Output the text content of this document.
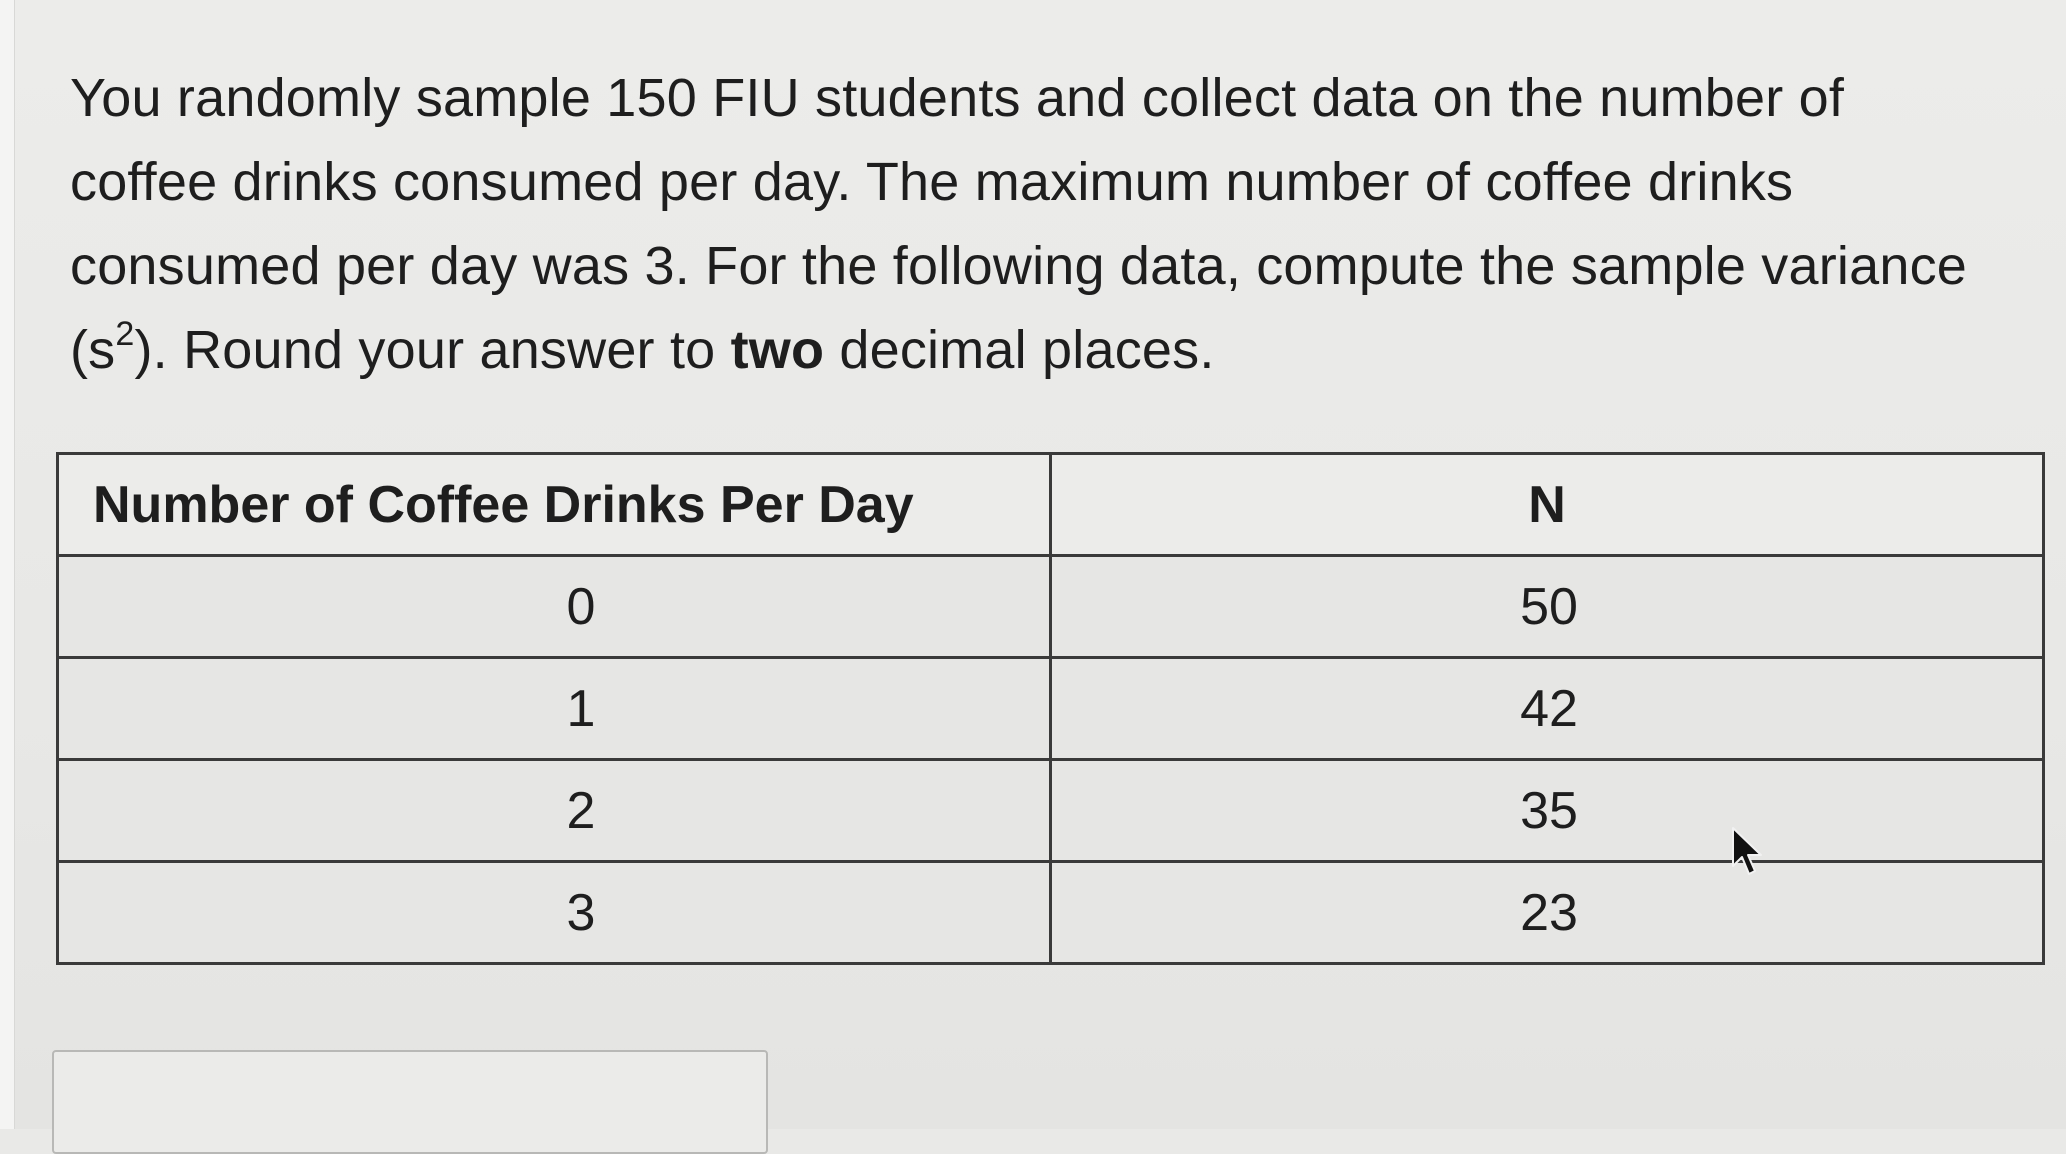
You randomly sample 150 FIU students and collect data on the number of coffee drinks consumed per day. The maximum number of coffee drinks consumed per day was 3. For the following data, compute the sample variance $(s^2)$. Round your answer to two decimal places.
Number of Coffee Drinks Per Day	N
0	50
1	42
2	35
3	23
